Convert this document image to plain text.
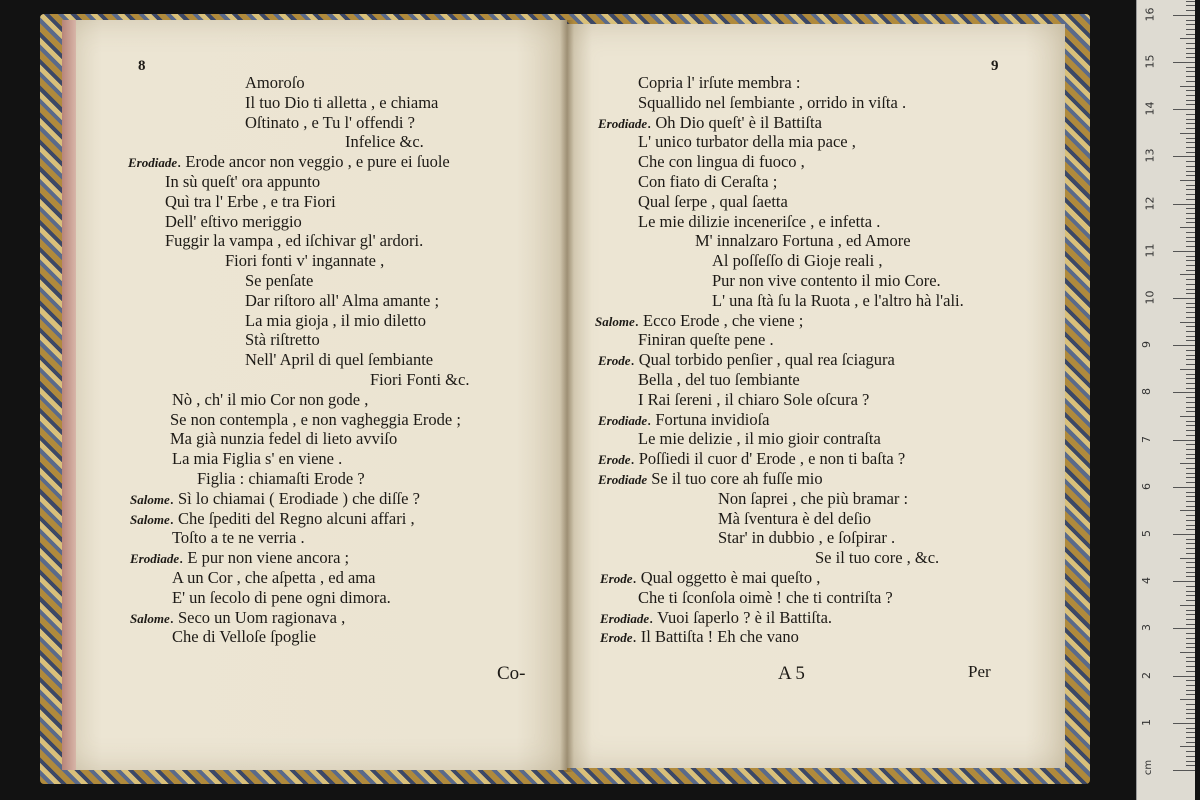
8	9
Amoroſo
Il tuo Dio ti alletta , e chiama
Oſtinato , e Tu l' offendi ?
Infelice &c.
Erodiade. Erode ancor non veggio , e pure ei ſuole
In sù queſt' ora appunto
Quì tra l' Erbe , e tra Fiori
Dell' eſtivo meriggio
Fuggir la vampa , ed iſchivar gl' ardori.
Fiori fonti v' ingannate ,
Se penſate
Dar riſtoro all' Alma amante ;
La mia gioja , il mio diletto
Stà riſtretto
Nell' April di quel ſembiante
Fiori Fonti &c.
Nò , ch' il mio Cor non gode ,
Se non contempla , e non vagheggia Erode ;
Ma già nunzia fedel di lieto avviſo
La mia Figlia s' en viene .
Figlia : chiamaſti Erode ?
Salome. Sì lo chiamai ( Erodiade ) che diſſe ?
Salome. Che ſpediti del Regno alcuni affari ,
Toſto a te ne verria .
Erodiade. E pur non viene ancora ;
A un Cor , che aſpetta , ed ama
E' un ſecolo di pene ogni dimora.
Salome. Seco un Uom ragionava ,
Che di Velloſe ſpoglie
Copria l' irſute membra :
Squallido nel ſembiante , orrido in viſta .
Erodiade. Oh Dio queſt' è il Battiſta
L' unico turbator della mia pace ,
Che con lingua di fuoco ,
Con fiato di Ceraſta ;
Qual ſerpe , qual ſaetta
Le mie dilizie inceneriſce , e infetta .
M' innalzaro Fortuna , ed Amore
Al poſſeſſo di Gioje reali ,
Pur non vive contento il mio Core.
L' una ſtà ſu la Ruota , e l'altro hà l'ali.
Salome. Ecco Erode , che viene ;
Finiran queſte pene .
Erode. Qual torbido penſier , qual rea ſciagura
Bella , del tuo ſembiante
I Rai ſereni , il chiaro Sole oſcura ?
Erodiade. Fortuna invidioſa
Le mie delizie , il mio gioir contraſta
Erode. Poſſiedi il cuor d' Erode , e non ti baſta ?
Erodiade Se il tuo core ah fuſſe mio
Non ſaprei , che più bramar :
Mà ſventura è del deſio
Star' in dubbio , e ſoſpirar .
Se il tuo core , &c.
Erode. Qual oggetto è mai queſto ,
Che ti ſconſola oimè ! che ti contriſta ?
Erodiade. Vuoi ſaperlo ? è il Battiſta.
Erode. Il Battiſta ! Eh che vano
Co-	A 5	Per
1
2
3
4
5
6
7
8
9
10
11
12
13
14
15
16
cm
